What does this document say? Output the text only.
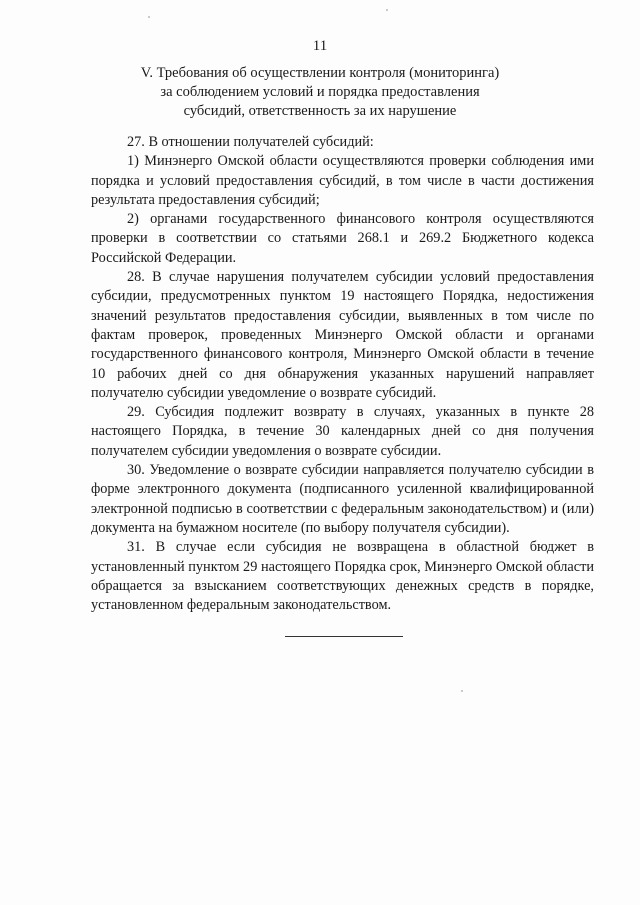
11
V. Требования об осуществлении контроля (мониторинга)
за соблюдением условий и порядка предоставления
субсидий, ответственность за их нарушение

27. В отношении получателей субсидий:

1) Минэнерго Омской области осуществляются проверки соблюдения ими порядка и условий предоставления субсидий, в том числе в части достижения результата предоставления субсидий;

2) органами государственного финансового контроля осуществляются проверки в соответствии со статьями 268.1 и 269.2 Бюджетного кодекса Российской Федерации.

28. В случае нарушения получателем субсидии условий предоставления субсидии, предусмотренных пунктом 19 настоящего Порядка, недостижения значений результатов предоставления субсидии, выявленных в том числе по фактам проверок, проведенных Минэнерго Омской области и органами государственного финансового контроля, Минэнерго Омской области в течение 10 рабочих дней со дня обнаружения указанных нарушений направляет получателю субсидии уведомление о возврате субсидий.

29. Субсидия подлежит возврату в случаях, указанных в пункте 28 настоящего Порядка, в течение 30 календарных дней со дня получения получателем субсидии уведомления о возврате субсидии.

30. Уведомление о возврате субсидии направляется получателю субсидии в форме электронного документа (подписанного усиленной квалифицированной электронной подписью в соответствии с федеральным законодательством) и (или) документа на бумажном носителе (по выбору получателя субсидии).

31. В случае если субсидия не возвращена в областной бюджет в установленный пунктом 29 настоящего Порядка срок, Минэнерго Омской области обращается за взысканием соответствующих денежных средств в порядке, установленном федеральным законодательством.
